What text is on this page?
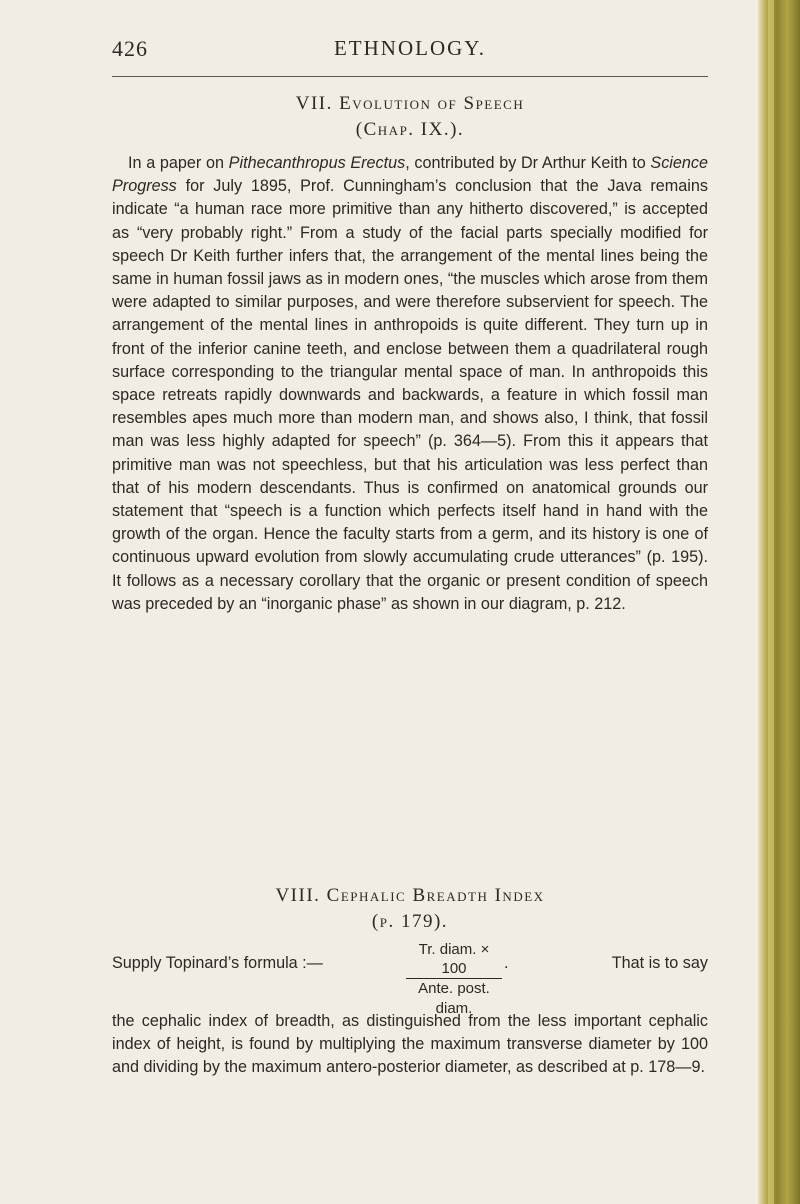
426	ETHNOLOGY.
VII. Evolution of Speech
(Chap. IX.).

In a paper on Pithecanthropus Erectus, contributed by Dr Arthur Keith to Science Progress for July 1895, Prof. Cunningham’s conclusion that the Java remains indicate “a human race more primitive than any hitherto discovered,” is accepted as “very probably right.” From a study of the facial parts specially modified for speech Dr Keith further infers that, the arrangement of the mental lines being the same in human fossil jaws as in modern ones, “the muscles which arose from them were adapted to similar purposes, and were therefore subservient for speech. The arrangement of the mental lines in anthropoids is quite different. They turn up in front of the inferior canine teeth, and enclose between them a quadrilateral rough surface corresponding to the triangular mental space of man. In anthropoids this space retreats rapidly downwards and backwards, a feature in which fossil man resembles apes much more than modern man, and shows also, I think, that fossil man was less highly adapted for speech” (p. 364—5). From this it appears that primitive man was not speechless, but that his articulation was less perfect than that of his modern descendants. Thus is confirmed on anatomical grounds our statement that “speech is a function which perfects itself hand in hand with the growth of the organ. Hence the faculty starts from a germ, and its history is one of continuous upward evolution from slowly accumulating crude utterances” (p. 195). It follows as a necessary corollary that the organic or present condition of speech was preceded by an “inorganic phase” as shown in our diagram, p. 212.

VIII. Cephalic Breadth Index
(p. 179).
Supply Topinard’s formula :—
Tr. diam. × 100
Ante. post. diam.
.	That is to say

the cephalic index of breadth, as distinguished from the less important cephalic index of height, is found by multiplying the maximum transverse diameter by 100 and dividing by the maximum antero-posterior diameter, as described at p. 178—9.
